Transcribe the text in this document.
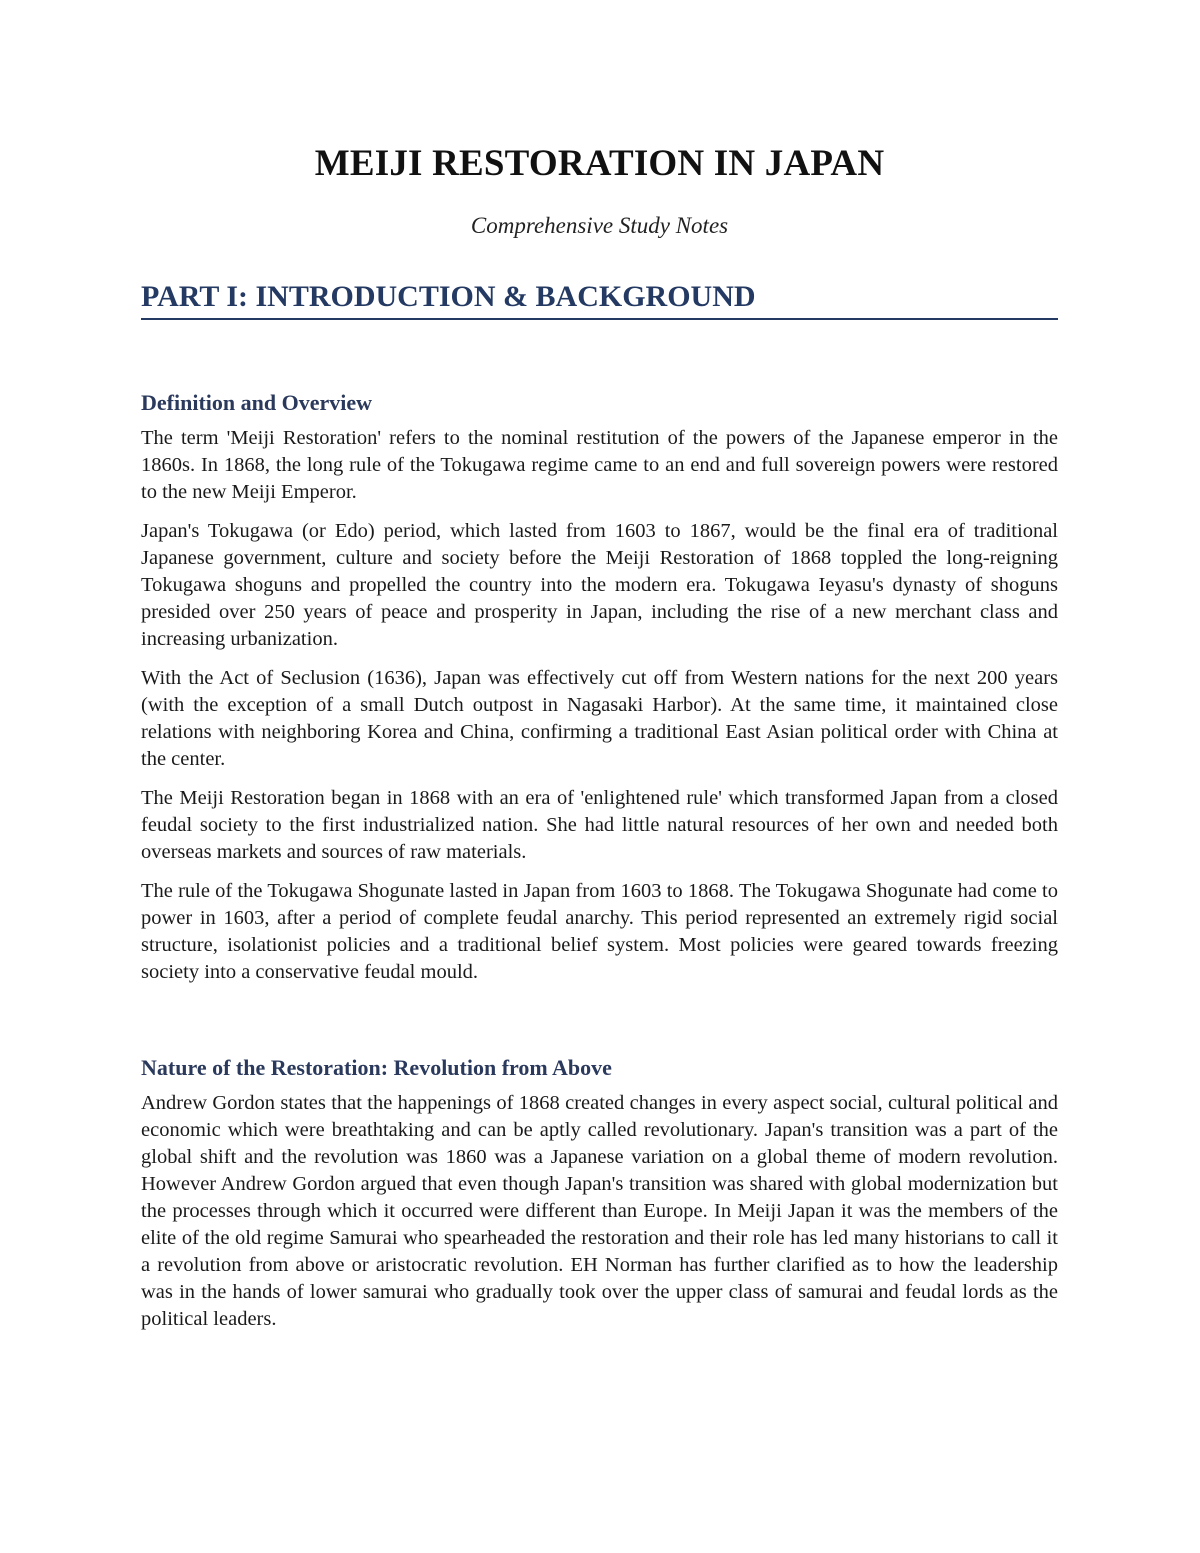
MEIJI RESTORATION IN JAPAN

Comprehensive Study Notes

PART I: INTRODUCTION & BACKGROUND
Definition and Overview

The term 'Meiji Restoration' refers to the nominal restitution of the powers of the Japanese emperor in the 1860s. In 1868, the long rule of the Tokugawa regime came to an end and full sovereign powers were restored to the new Meiji Emperor.

Japan's Tokugawa (or Edo) period, which lasted from 1603 to 1867, would be the final era of traditional Japanese government, culture and society before the Meiji Restoration of 1868 toppled the long-reigning Tokugawa shoguns and propelled the country into the modern era. Tokugawa Ieyasu's dynasty of shoguns presided over 250 years of peace and prosperity in Japan, including the rise of a new merchant class and increasing urbanization.

With the Act of Seclusion (1636), Japan was effectively cut off from Western nations for the next 200 years (with the exception of a small Dutch outpost in Nagasaki Harbor). At the same time, it maintained close relations with neighboring Korea and China, confirming a traditional East Asian political order with China at the center.

The Meiji Restoration began in 1868 with an era of 'enlightened rule' which transformed Japan from a closed feudal society to the first industrialized nation. She had little natural resources of her own and needed both overseas markets and sources of raw materials.

The rule of the Tokugawa Shogunate lasted in Japan from 1603 to 1868. The Tokugawa Shogunate had come to power in 1603, after a period of complete feudal anarchy. This period represented an extremely rigid social structure, isolationist policies and a traditional belief system. Most policies were geared towards freezing society into a conservative feudal mould.

Nature of the Restoration: Revolution from Above

Andrew Gordon states that the happenings of 1868 created changes in every aspect social, cultural political and economic which were breathtaking and can be aptly called revolutionary. Japan's transition was a part of the global shift and the revolution was 1860 was a Japanese variation on a global theme of modern revolution. However Andrew Gordon argued that even though Japan's transition was shared with global modernization but the processes through which it occurred were different than Europe. In Meiji Japan it was the members of the elite of the old regime Samurai who spearheaded the restoration and their role has led many historians to call it a revolution from above or aristocratic revolution. EH Norman has further clarified as to how the leadership was in the hands of lower samurai who gradually took over the upper class of samurai and feudal lords as the political leaders.
